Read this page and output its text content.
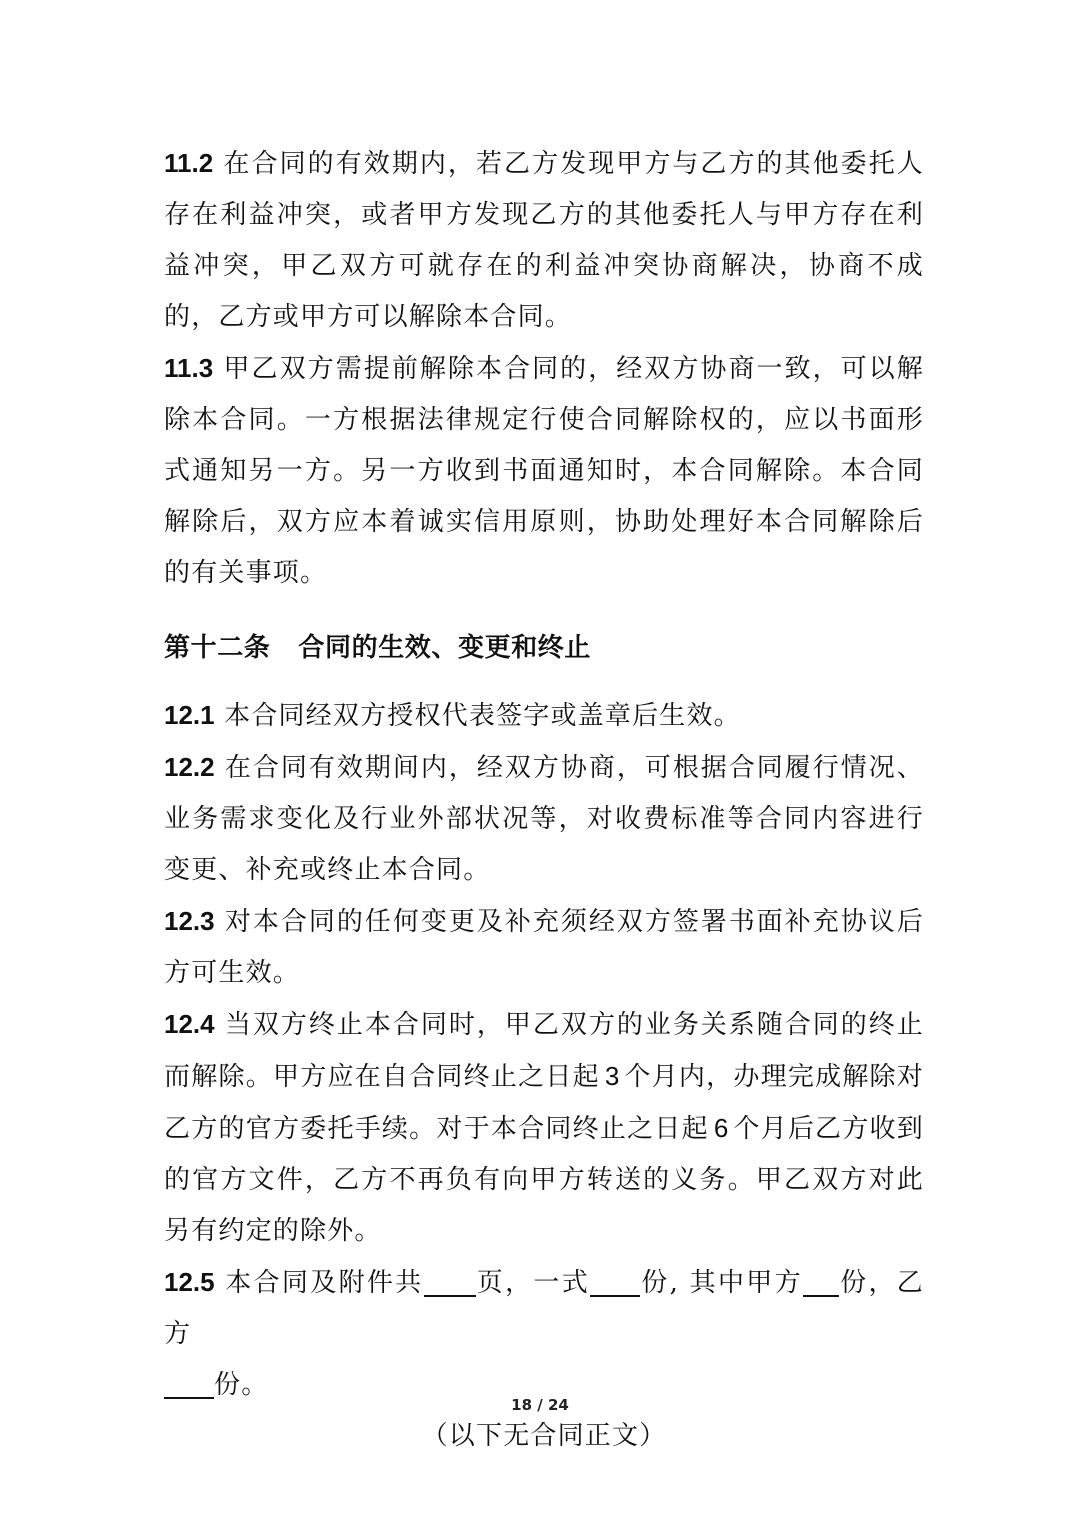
11.2 在合同的有效期内，若乙方发现甲方与乙方的其他委托人存在利益冲突，或者甲方发现乙方的其他委托人与甲方存在利益冲突，甲乙双方可就存在的利益冲突协商解决，协商不成的，乙方或甲方可以解除本合同。
11.3 甲乙双方需提前解除本合同的，经双方协商一致，可以解除本合同。一方根据法律规定行使合同解除权的，应以书面形式通知另一方。另一方收到书面通知时，本合同解除。本合同解除后，双方应本着诚实信用原则，协助处理好本合同解除后的有关事项。
第十二条 合同的生效、变更和终止
12.1 本合同经双方授权代表签字或盖章后生效。
12.2 在合同有效期间内，经双方协商，可根据合同履行情况、业务需求变化及行业外部状况等，对收费标准等合同内容进行变更、补充或终止本合同。
12.3 对本合同的任何变更及补充须经双方签署书面补充协议后方可生效。
12.4 当双方终止本合同时，甲乙双方的业务关系随合同的终止而解除。甲方应在自合同终止之日起 3 个月内，办理完成解除对乙方的官方委托手续。对于本合同终止之日起 6 个月后乙方收到的官方文件，乙方不再负有向甲方转送的义务。甲乙双方对此另有约定的除外。
12.5 本合同及附件共 页，一式 份, 其中甲方 份，乙方
份。
（以下无合同正文）
18 / 24
